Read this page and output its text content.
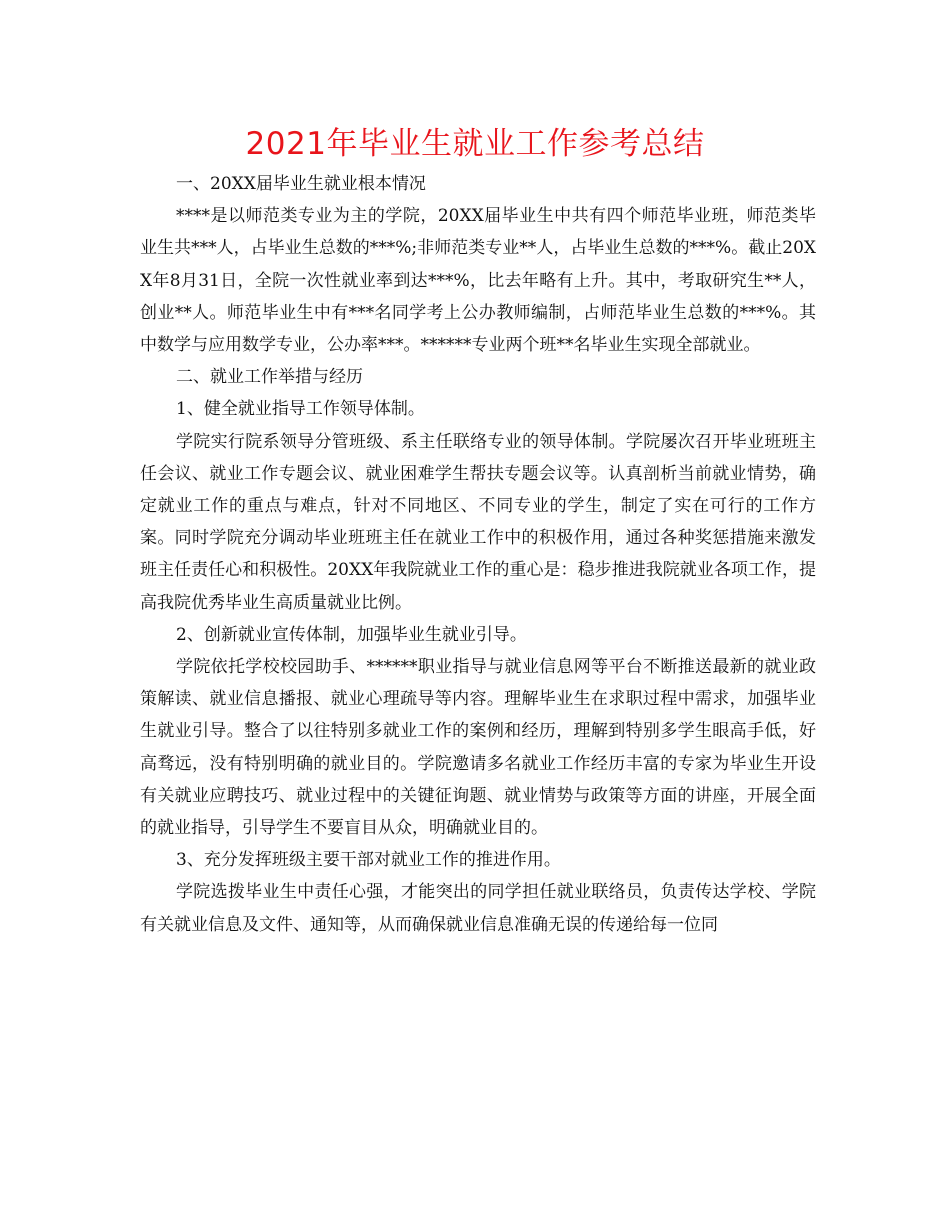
2021年毕业生就业工作参考总结

一、20XX届毕业生就业根本情况

****是以师范类专业为主的学院，20XX届毕业生中共有四个师范毕业班，师范类毕业生共***人，占毕业生总数的***%;非师范类专业**人，占毕业生总数的***%。截止20XX年8月31日，全院一次性就业率到达***%，比去年略有上升。其中，考取研究生**人，创业**人。师范毕业生中有***名同学考上公办教师编制，占师范毕业生总数的***%。其中数学与应用数学专业，公办率***。******专业两个班**名毕业生实现全部就业。

二、就业工作举措与经历

1、健全就业指导工作领导体制。

学院实行院系领导分管班级、系主任联络专业的领导体制。学院屡次召开毕业班班主任会议、就业工作专题会议、就业困难学生帮扶专题会议等。认真剖析当前就业情势，确定就业工作的重点与难点，针对不同地区、不同专业的学生，制定了实在可行的工作方案。同时学院充分调动毕业班班主任在就业工作中的积极作用，通过各种奖惩措施来激发班主任责任心和积极性。20XX年我院就业工作的重心是：稳步推进我院就业各项工作，提高我院优秀毕业生高质量就业比例。

2、创新就业宣传体制，加强毕业生就业引导。

学院依托学校校园助手、******职业指导与就业信息网等平台不断推送最新的就业政策解读、就业信息播报、就业心理疏导等内容。理解毕业生在求职过程中需求，加强毕业生就业引导。整合了以往特别多就业工作的案例和经历，理解到特别多学生眼高手低，好高骛远，没有特别明确的就业目的。学院邀请多名就业工作经历丰富的专家为毕业生开设有关就业应聘技巧、就业过程中的关键征询题、就业情势与政策等方面的讲座，开展全面的就业指导，引导学生不要盲目从众，明确就业目的。

3、充分发挥班级主要干部对就业工作的推进作用。

学院选拨毕业生中责任心强，才能突出的同学担任就业联络员，负责传达学校、学院有关就业信息及文件、通知等，从而确保就业信息准确无误的传递给每一位同
